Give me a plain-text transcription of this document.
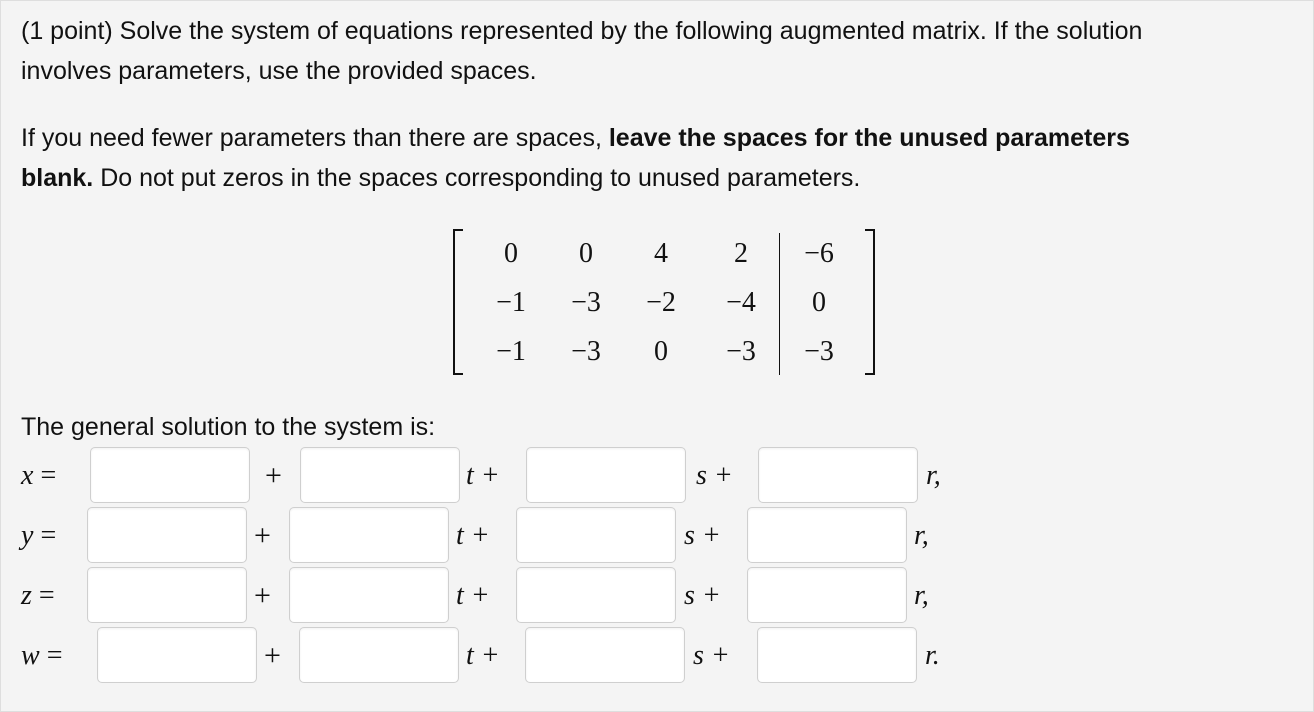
(1 point) Solve the system of equations represented by the following augmented matrix. If the solution

involves parameters, use the provided spaces.

If you need fewer parameters than there are spaces, leave the spaces for the unused parameters

blank. Do not put zeros in the spaces corresponding to unused parameters.

0	0	4	2	−6
−1	−3	−2	−4	0
−1	−3	0	−3	−3
The general solution to the system is:
x =	+	t +	s +	r,
y =	+	t +	s +	r,
z =	+	t +	s +	r,
w =	+	t +	s +	r.
